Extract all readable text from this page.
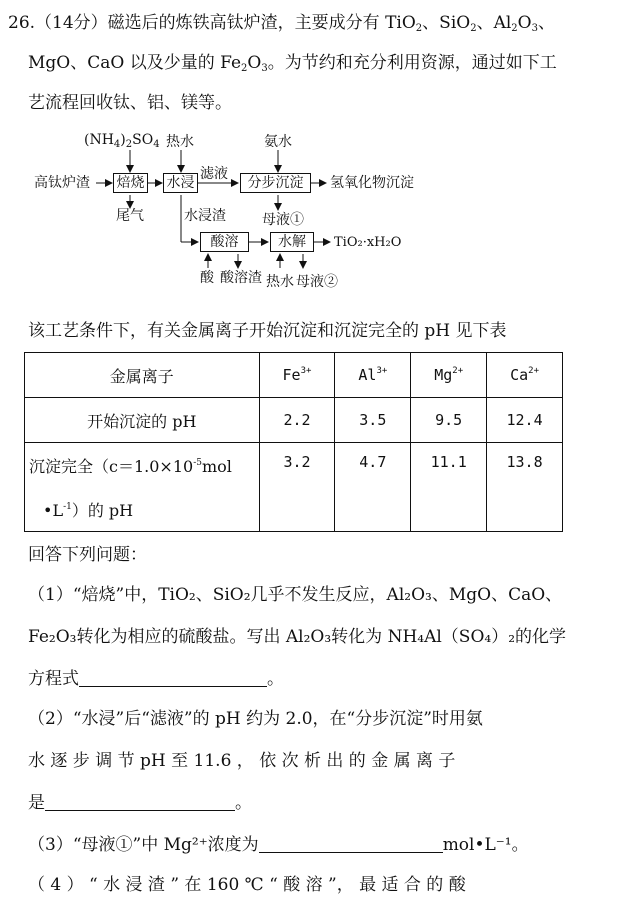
26.（14分）磁选后的炼铁高钛炉渣，主要成分有 TiO$_2$、SiO$_2$、$Al_2O_3$、
MgO、CaO 以及少量的 $Fe_2O_3$。为节约和充分利用资源，通过如下工
艺流程回收钛、铝、镁等。
$(NH_4)_2SO_4$ 热水	氨水
高钛炉渣 焙烧 水浸
滤液
分步沉淀	氢氧化物沉淀
尾气	水浸渣	母液①
酸溶	水解	TiO₂·xH₂O
酸 酸溶渣 热水 母液②
该工艺条件下，有关金属离子开始沉淀和沉淀完全的 pH 见下表
金属离子	$Fe^{3+}$	$Al^{3+}$	$Mg^{2+}$	$Ca^{2+}$
开始沉淀的 pH	2.2	3.5	9.5	12.4
沉淀完全（$c=1.0\times 10^{-5}mol$
$•L^{-1}$）的 pH	3.2	4.7	11.1	13.8
回答下列问题：
（1）“焙烧”中，TiO₂、SiO₂几乎不发生反应，Al₂O₃、MgO、CaO、
Fe₂O₃转化为相应的硫酸盐。写出 Al₂O₃转化为 NH₄Al（SO₄）₂的化学
方程式	。
（2）“水浸”后“滤液”的 pH 约为 2.0，在“分步沉淀”时用氨
水 逐 步 调 节 pH 至 11.6 ， 依 次 析 出 的 金 属 离 子
是	。
（3）“母液①”中 Mg²⁺浓度为	mol•L⁻¹。
（ 4 ） “ 水 浸 渣 ” 在 160 ℃ “ 酸 溶 ”， 最 适 合 的 酸
